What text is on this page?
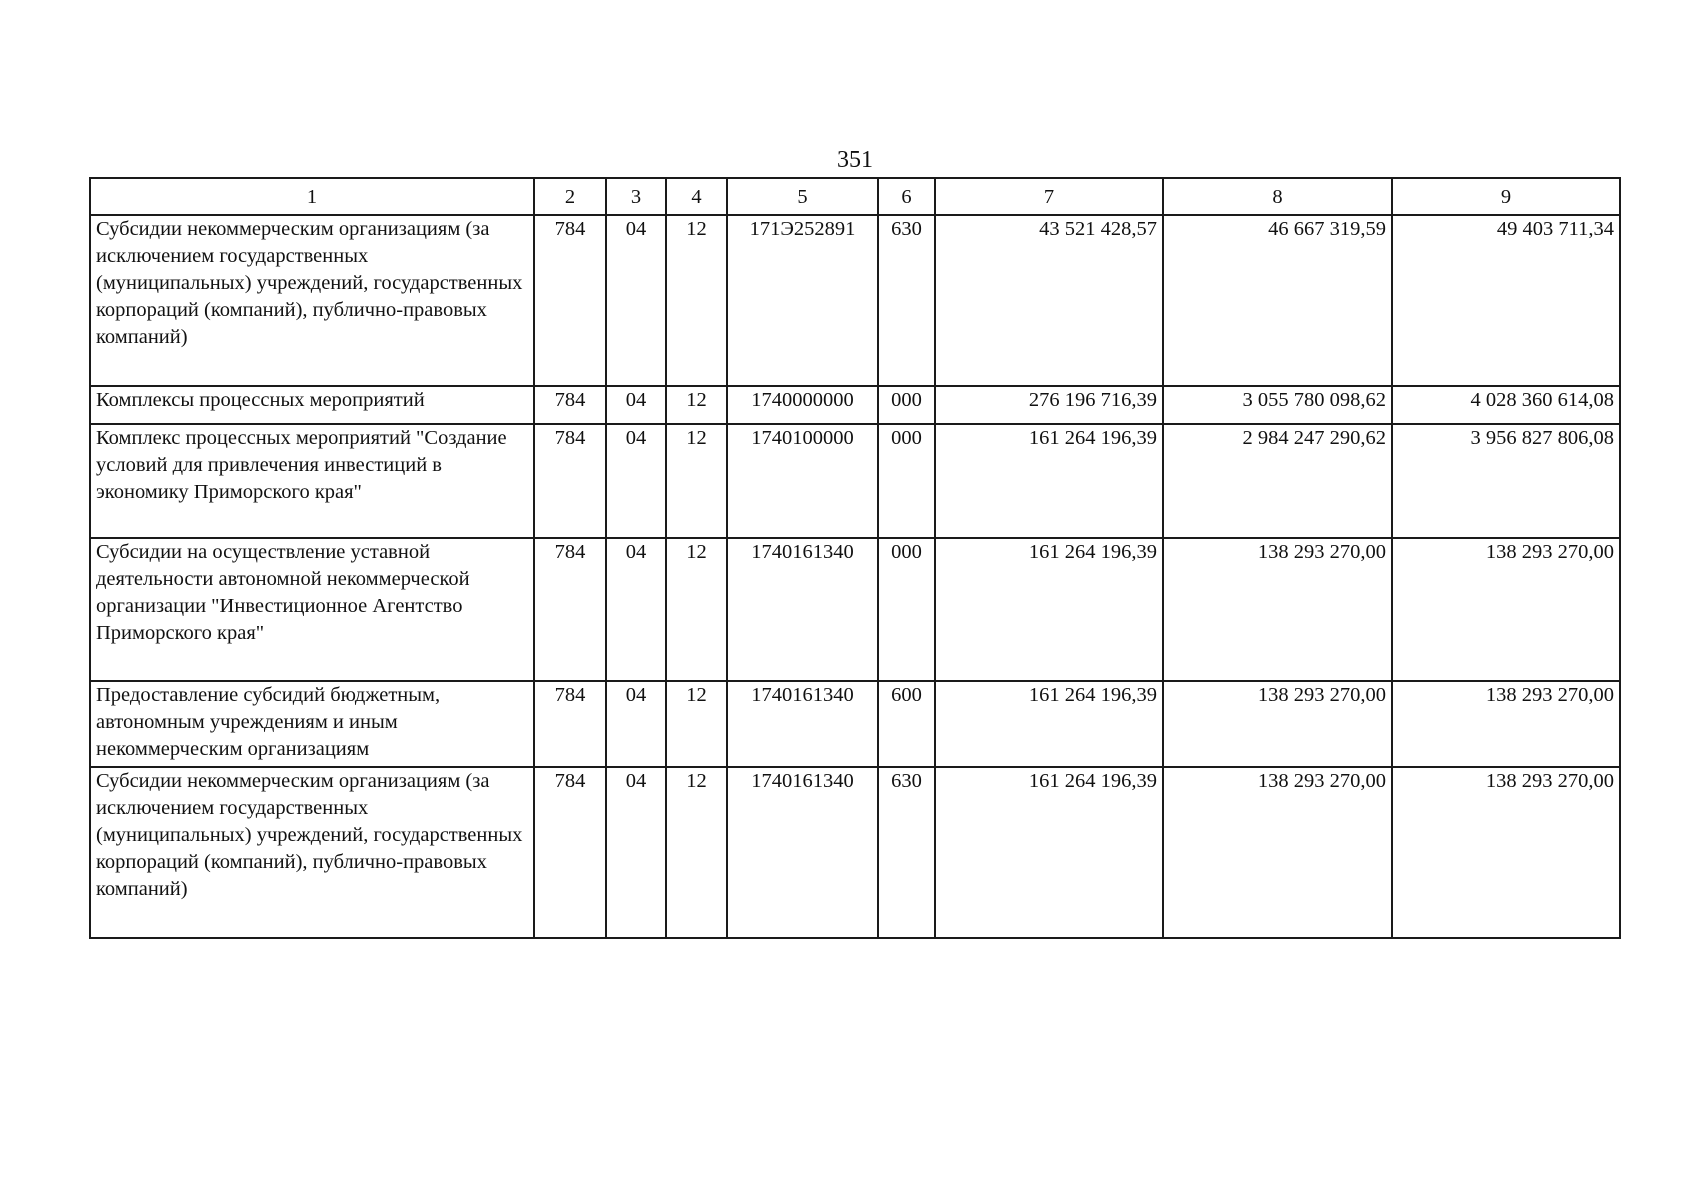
351
1	2	3	4	5	6	7	8	9
Субсидии некоммерческим организациям (за исключением государственных (муниципальных) учреждений, государственных корпораций (компаний), публично-правовых компаний)	784	04	12	171Э252891	630	43 521 428,57	46 667 319,59	49 403 711,34
Комплексы процессных мероприятий	784	04	12	1740000000	000	276 196 716,39	3 055 780 098,62	4 028 360 614,08
Комплекс процессных мероприятий "Создание условий для привлечения инвестиций в экономику Приморского края"	784	04	12	1740100000	000	161 264 196,39	2 984 247 290,62	3 956 827 806,08
Субсидии на осуществление уставной деятельности автономной некоммерческой организации "Инвестиционное Агентство Приморского края"	784	04	12	1740161340	000	161 264 196,39	138 293 270,00	138 293 270,00
Предоставление субсидий бюджетным, автономным учреждениям и иным некоммерческим организациям	784	04	12	1740161340	600	161 264 196,39	138 293 270,00	138 293 270,00
Субсидии некоммерческим организациям (за исключением государственных (муниципальных) учреждений, государственных корпораций (компаний), публично-правовых компаний)	784	04	12	1740161340	630	161 264 196,39	138 293 270,00	138 293 270,00
